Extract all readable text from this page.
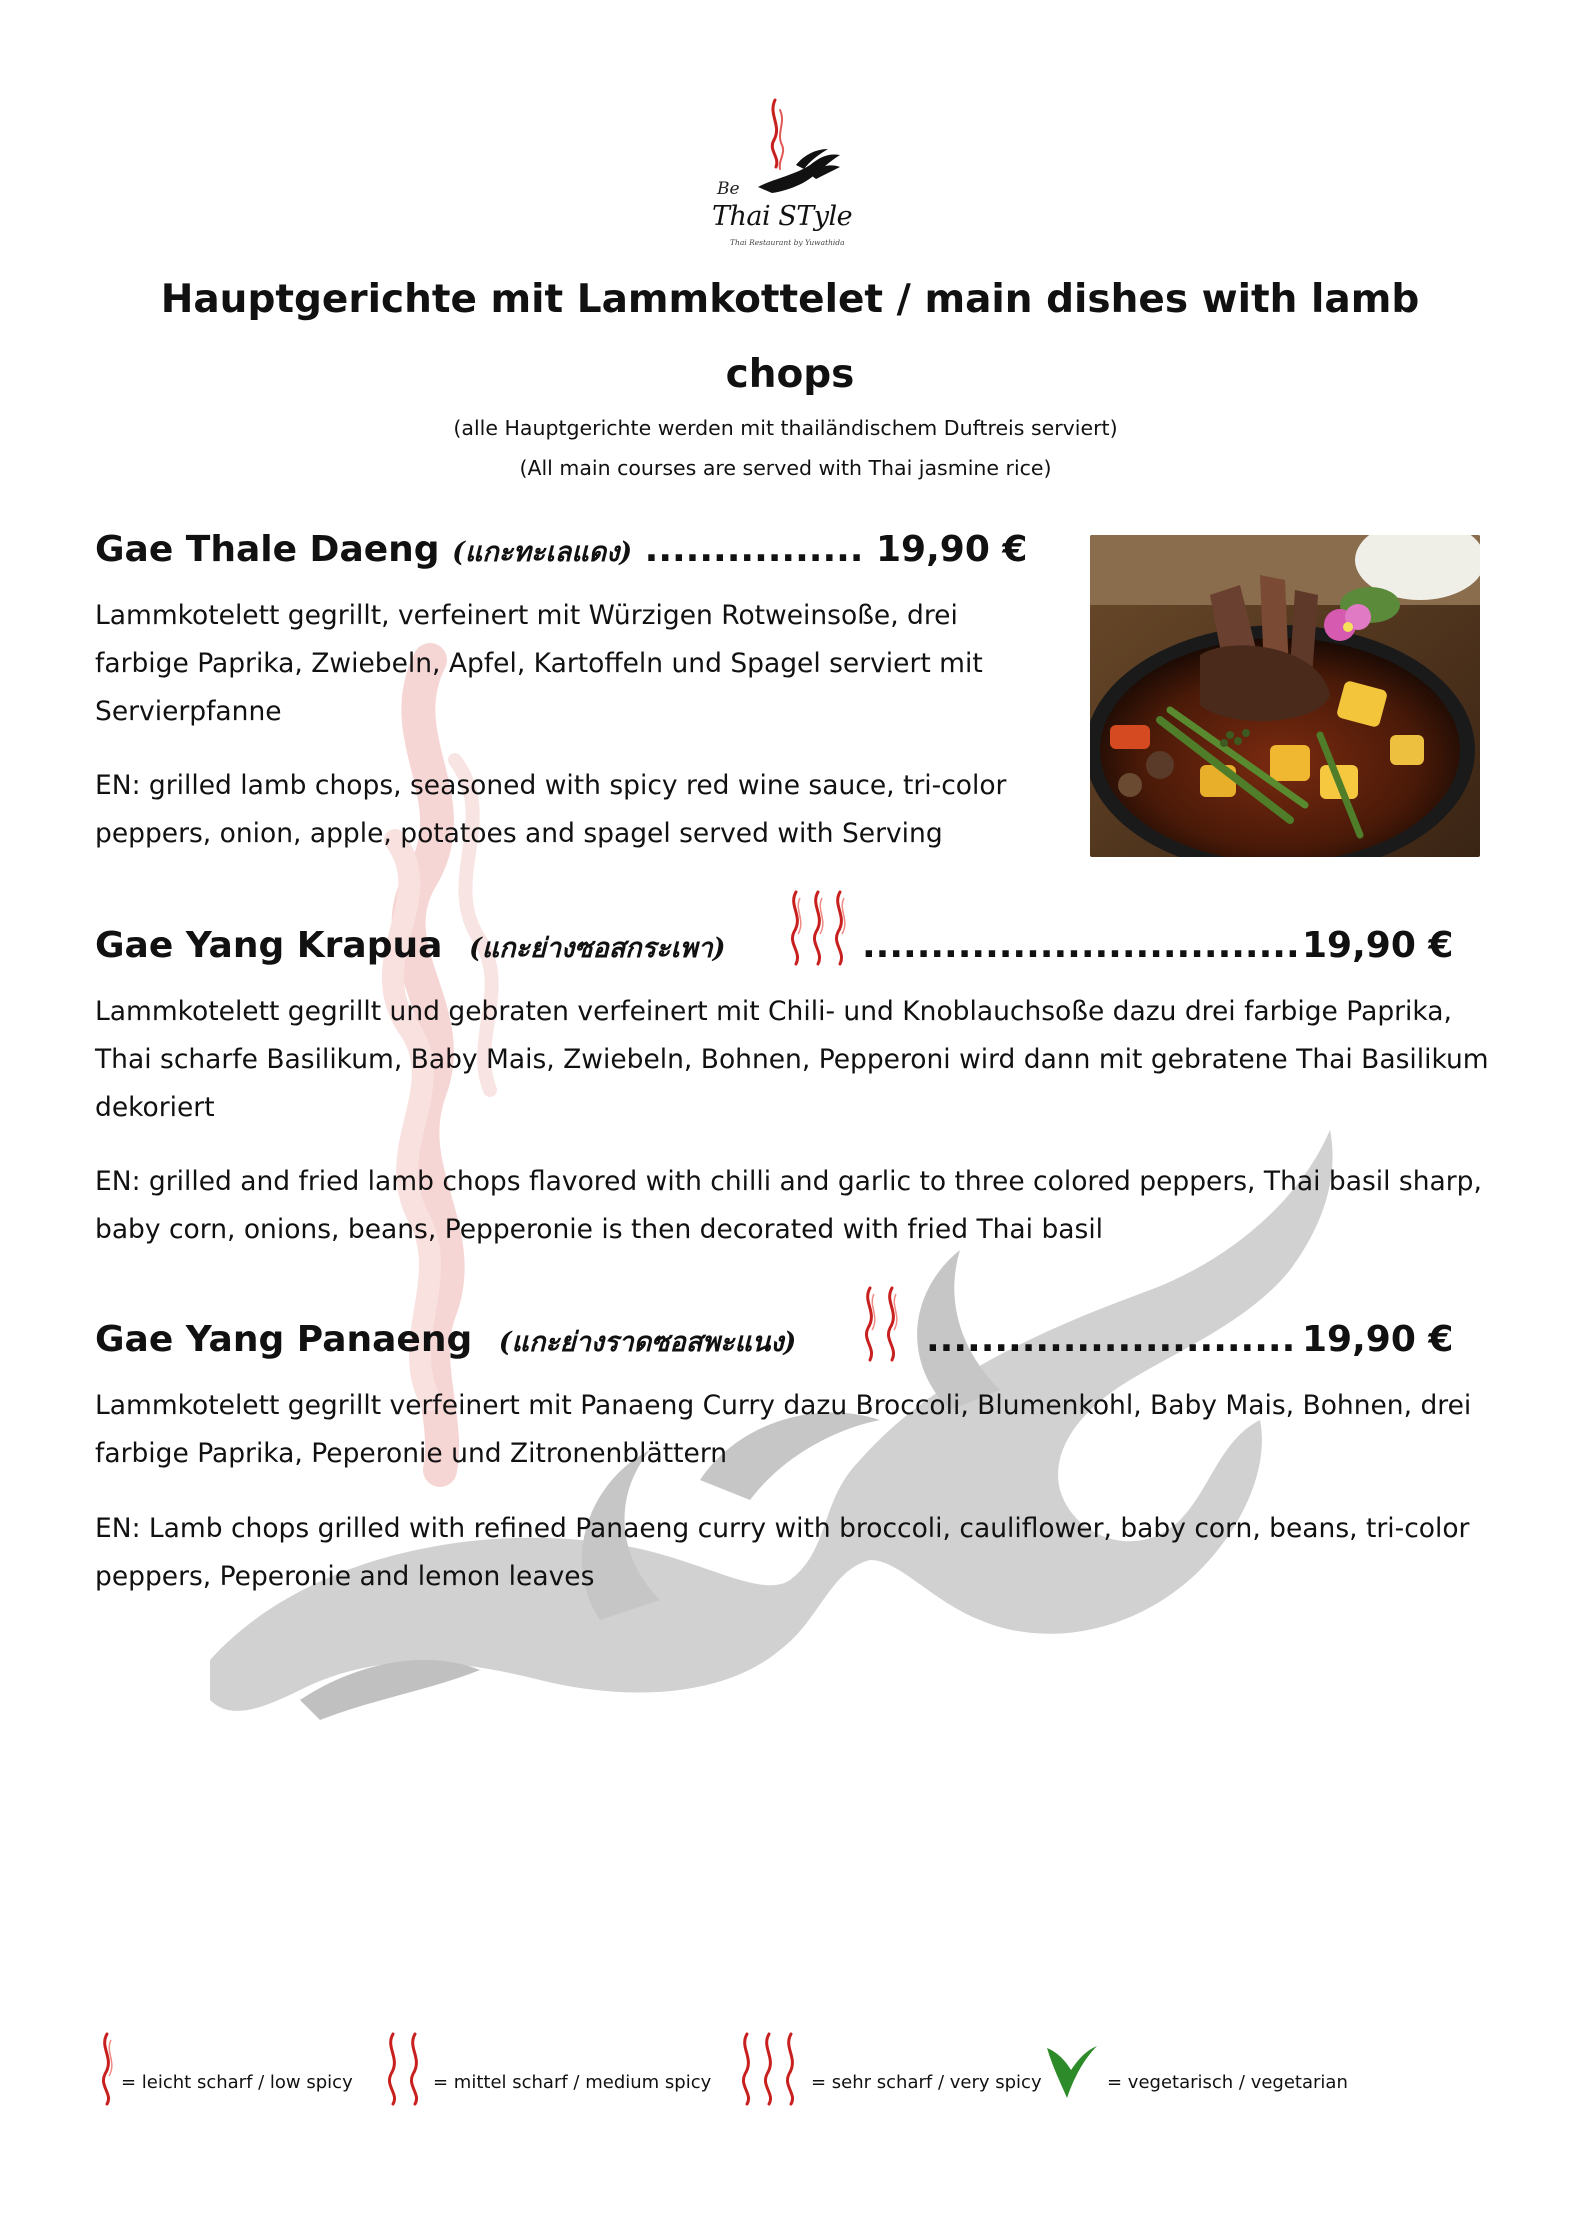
Be
Thai STyle
Thai Restaurant by Yuwathida
Hauptgerichte mit Lammkottelet / main dishes with lamb chops
(alle Hauptgerichte werden mit thailändischem Duftreis serviert)
(All main courses are served with Thai jasmine rice)
Gae Thale Daeng (แกะทะเลแดง) ................ 19,90 €

Lammkotelett gegrillt, verfeinert mit Würzigen Rotweinsoße, drei farbige Paprika, Zwiebeln, Apfel, Kartoffeln und Spagel serviert mit Servierpfanne

EN: grilled lamb chops, seasoned with spicy red wine sauce, tri-color peppers, onion, apple, potatoes and spagel served with Serving

Gae Yang Krapua (แกะย่างซอสกระเพา)	................................ 19,90 €

Lammkotelett gegrillt und gebraten verfeinert mit Chili- und Knoblauchsoße dazu drei farbige Paprika, Thai scharfe Basilikum, Baby Mais, Zwiebeln, Bohnen, Pepperoni wird dann mit gebratene Thai Basilikum dekoriert

EN: grilled and fried lamb chops flavored with chilli and garlic to three colored peppers, Thai basil sharp, baby corn, onions, beans, Pepperonie is then decorated with fried Thai basil

Gae Yang Panaeng (แกะย่างราดซอสพะแนง)	........................... 19,90 €

Lammkotelett gegrillt verfeinert mit Panaeng Curry dazu Broccoli, Blumenkohl, Baby Mais, Bohnen, drei farbige Paprika, Peperonie und Zitronenblättern

EN: Lamb chops grilled with refined Panaeng curry with broccoli, cauliflower, baby corn, beans, tri-color peppers, Peperonie and lemon leaves

= leicht scharf / low spicy	= mittel scharf / medium spicy	= sehr scharf / very spicy	= vegetarisch / vegetarian
